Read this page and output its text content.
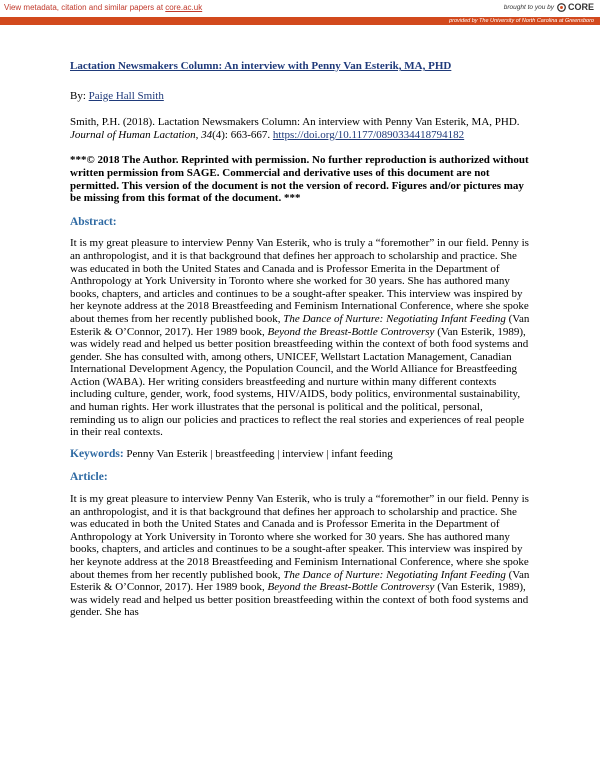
View metadata, citation and similar papers at core.ac.uk	brought to you by CORE
provided by The University of North Carolina at Greensboro

Lactation Newsmakers Column: An interview with Penny Van Esterik, MA, PHD

By: Paige Hall Smith

Smith, P.H. (2018). Lactation Newsmakers Column: An interview with Penny Van Esterik, MA, PHD. Journal of Human Lactation, 34(4): 663-667. https://doi.org/10.1177/0890334418794182

***© 2018 The Author. Reprinted with permission. No further reproduction is authorized without written permission from SAGE. Commercial and derivative uses of this document are not permitted. This version of the document is not the version of record. Figures and/or pictures may be missing from this format of the document. ***

Abstract:

It is my great pleasure to interview Penny Van Esterik, who is truly a “foremother” in our field. Penny is an anthropologist, and it is that background that defines her approach to scholarship and practice. She was educated in both the United States and Canada and is Professor Emerita in the Department of Anthropology at York University in Toronto where she worked for 30 years. She has authored many books, chapters, and articles and continues to be a sought-after speaker. This interview was inspired by her keynote address at the 2018 Breastfeeding and Feminism International Conference, where she spoke about themes from her recently published book, The Dance of Nurture: Negotiating Infant Feeding (Van Esterik & O’Connor, 2017). Her 1989 book, Beyond the Breast-Bottle Controversy (Van Esterik, 1989), was widely read and helped us better position breastfeeding within the context of both food systems and gender. She has consulted with, among others, UNICEF, Wellstart Lactation Management, Canadian International Development Agency, the Population Council, and the World Alliance for Breastfeeding Action (WABA). Her writing considers breastfeeding and nurture within many different contexts including culture, gender, work, food systems, HIV/AIDS, body politics, environmental sustainability, and human rights. Her work illustrates that the personal is political and the political, personal, reminding us to align our policies and practices to reflect the real stories and experiences of real people in their real contexts.

Keywords: Penny Van Esterik | breastfeeding | interview | infant feeding

Article:

It is my great pleasure to interview Penny Van Esterik, who is truly a “foremother” in our field. Penny is an anthropologist, and it is that background that defines her approach to scholarship and practice. She was educated in both the United States and Canada and is Professor Emerita in the Department of Anthropology at York University in Toronto where she worked for 30 years. She has authored many books, chapters, and articles and continues to be a sought-after speaker. This interview was inspired by her keynote address at the 2018 Breastfeeding and Feminism International Conference, where she spoke about themes from her recently published book, The Dance of Nurture: Negotiating Infant Feeding (Van Esterik & O’Connor, 2017). Her 1989 book, Beyond the Breast-Bottle Controversy (Van Esterik, 1989), was widely read and helped us better position breastfeeding within the context of both food systems and gender. She has
